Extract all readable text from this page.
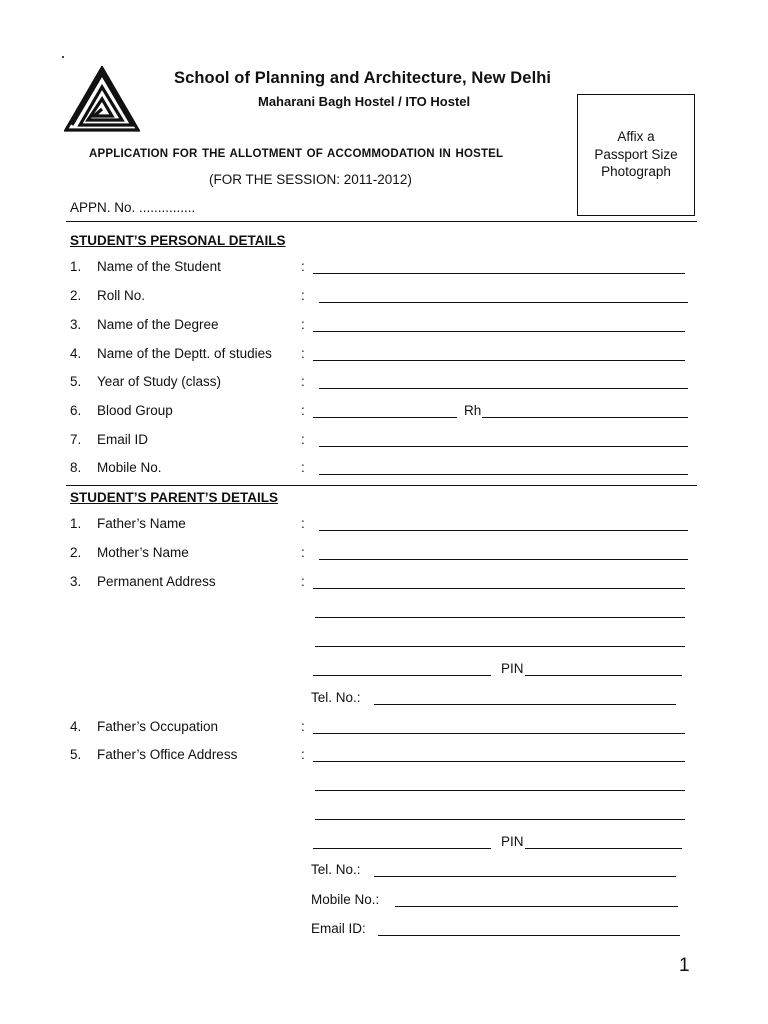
School of Planning and Architecture, New Delhi
Maharani Bagh Hostel / ITO Hostel
APPLICATION FOR THE ALLOTMENT OF ACCOMMODATION IN HOSTEL
(FOR THE SESSION: 2011-2012)
APPN. No. ...............
Affix a
Passport Size
Photograph
STUDENT’S PERSONAL DETAILS
1. Name of the Student	:
2. Roll No.	:
3. Name of the Degree	:
4. Name of the Deptt. of studies :
5. Year of Study (class)	:
6. Blood Group	:	Rh
7. Email ID	:
8. Mobile No.	:
STUDENT’S PARENT’S DETAILS
1. Father’s Name	:
2. Mother’s Name	:
3. Permanent Address	:
PIN
Tel. No.:
4. Father’s Occupation	:
5. Father’s Office Address	:
PIN
Tel. No.:
Mobile No.:
Email ID:
1
